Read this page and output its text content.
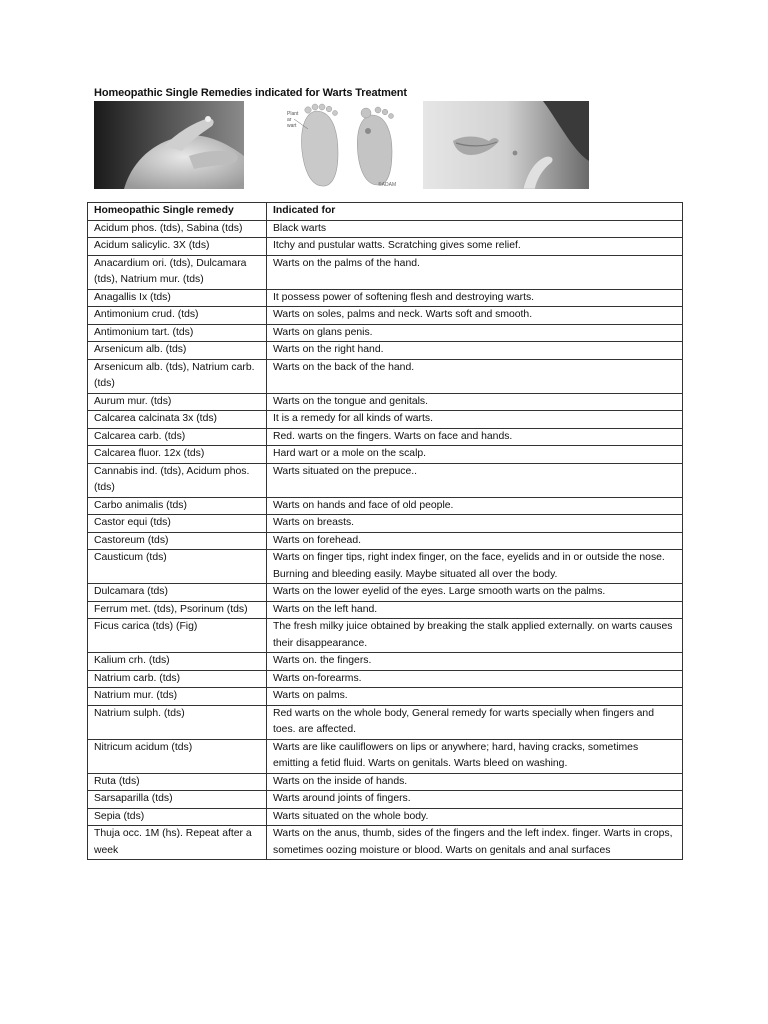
Homeopathic Single Remedies indicated for Warts Treatment
Plantar wart
®ADAM
Homeopathic Single remedy	Indicated for
Acidum phos. (tds), Sabina (tds)	Black warts
Acidum salicylic. 3X (tds)	Itchy and pustular watts. Scratching gives some relief.
Anacardium ori. (tds), Dulcamara (tds), Natrium mur. (tds)	Warts on the palms of the hand.
Anagallis Ix (tds)	It possess power of softening flesh and destroying warts.
Antimonium crud. (tds)	Warts on soles, palms and neck. Warts soft and smooth.
Antimonium tart. (tds)	Warts on glans penis.
Arsenicum alb. (tds)	Warts on the right hand.
Arsenicum alb. (tds), Natrium carb. (tds)	Warts on the back of the hand.
Aurum mur. (tds)	Warts on the tongue and genitals.
Calcarea calcinata 3x (tds)	It is a remedy for all kinds of warts.
Calcarea carb. (tds)	Red. warts on the fingers. Warts on face and hands.
Calcarea fluor. 12x (tds)	Hard wart or a mole on the scalp.
Cannabis ind. (tds), Acidum phos. (tds)	Warts situated on the prepuce..
Carbo animalis (tds)	Warts on hands and face of old people.
Castor equi (tds)	Warts on breasts.
Castoreum (tds)	Warts on forehead.
Causticum (tds)	Warts on finger tips, right index finger, on the face, eyelids and in or outside the nose. Burning and bleeding easily. Maybe situated all over the body.
Dulcamara (tds)	Warts on the lower eyelid of the eyes. Large smooth warts on the palms.
Ferrum met. (tds), Psorinum (tds)	Warts on the left hand.
Ficus carica (tds) (Fig)	The fresh milky juice obtained by breaking the stalk applied externally. on warts causes their disappearance.
Kalium crh. (tds)	Warts on. the fingers.
Natrium carb. (tds)	Warts on-forearms.
Natrium mur. (tds)	Warts on palms.
Natrium sulph. (tds)	Red warts on the whole body, General remedy for warts specially when fingers and toes. are affected.
Nitricum acidum (tds)	Warts are like cauliflowers on lips or anywhere; hard, having cracks, sometimes emitting a fetid fluid. Warts on genitals. Warts bleed on washing.
Ruta (tds)	Warts on the inside of hands.
Sarsaparilla (tds)	Warts around joints of fingers.
Sepia (tds)	Warts situated on the whole body.
Thuja occ. 1M (hs). Repeat after a week	Warts on the anus, thumb, sides of the fingers and the left index. finger. Warts in crops, sometimes oozing moisture or blood. Warts on genitals and anal surfaces
